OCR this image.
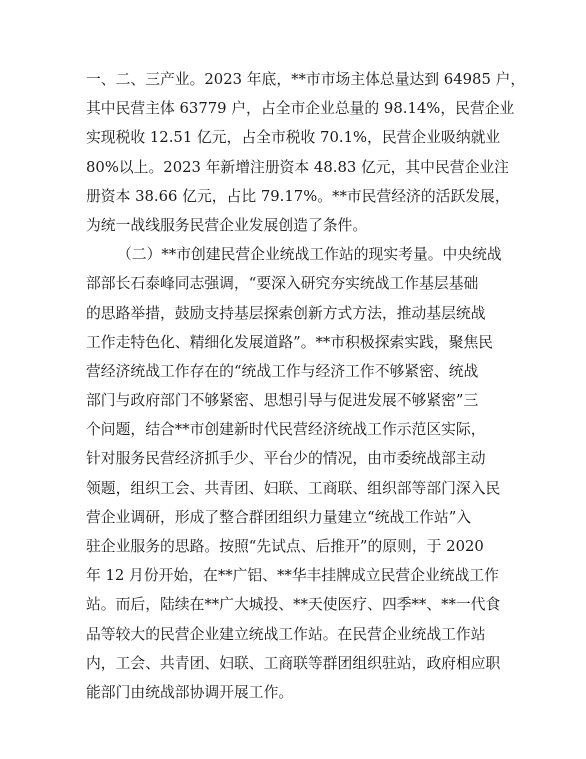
一、二、三产业。2023 年底，**市市场主体总量达到 64985 户，
其中民营主体 63779 户，占全市企业总量的 98.14%，民营企业
实现税收 12.51 亿元，占全市税收 70.1%，民营企业吸纳就业
80%以上。2023 年新增注册资本 48.83 亿元，其中民营企业注
册资本 38.66 亿元，占比 79.17%。**市民营经济的活跃发展，
为统一战线服务民营企业发展创造了条件。
（二）**市创建民营企业统战工作站的现实考量。中央统战
部部长石泰峰同志强调，“要深入研究夯实统战工作基层基础
的思路举措，鼓励支持基层探索创新方式方法，推动基层统战
工作走特色化、精细化发展道路”。**市积极探索实践，聚焦民
营经济统战工作存在的“统战工作与经济工作不够紧密、统战
部门与政府部门不够紧密、思想引导与促进发展不够紧密”三
个问题，结合**市创建新时代民营经济统战工作示范区实际，
针对服务民营经济抓手少、平台少的情况，由市委统战部主动
领题，组织工会、共青团、妇联、工商联、组织部等部门深入民
营企业调研，形成了整合群团组织力量建立“统战工作站”入
驻企业服务的思路。按照“先试点、后推开”的原则，于 2020
年 12 月份开始，在**广铝、**华丰挂牌成立民营企业统战工作
站。而后，陆续在**广大城投、**天使医疗、四季**、**一代食
品等较大的民营企业建立统战工作站。在民营企业统战工作站
内，工会、共青团、妇联、工商联等群团组织驻站，政府相应职
能部门由统战部协调开展工作。
